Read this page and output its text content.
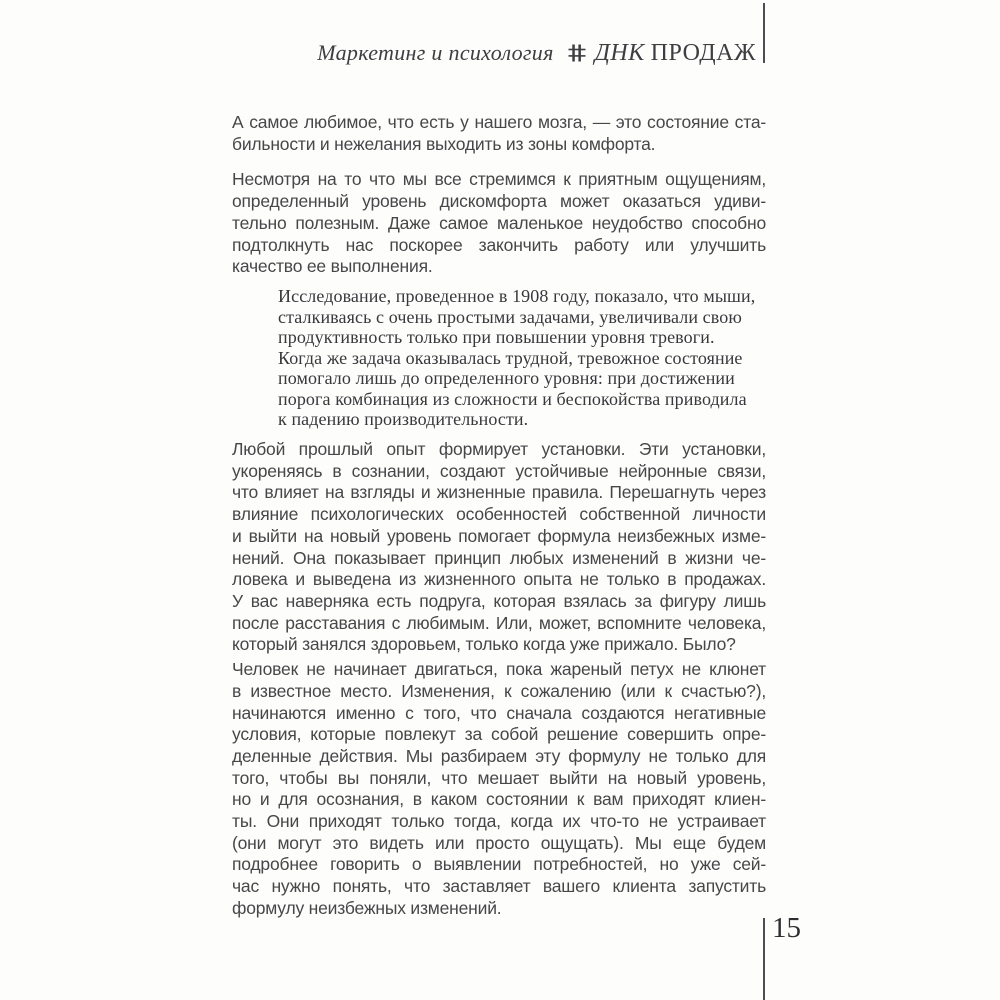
Маркетинг и психология ДНК ПРОДАЖ
А самое любимое, что есть у нашего мозга, — это состояние ста-
бильности и нежелания выходить из зоны комфорта.
Несмотря на то что мы все стремимся к приятным ощущениям,
определенный уровень дискомфорта может оказаться удиви-
тельно полезным. Даже самое маленькое неудобство способно
подтолкнуть нас поскорее закончить работу или улучшить
качество ее выполнения.
Исследование, проведенное в 1908 году, показало, что мыши,
сталкиваясь с очень простыми задачами, увеличивали свою
продуктивность только при повышении уровня тревоги.
Когда же задача оказывалась трудной, тревожное состояние
помогало лишь до определенного уровня: при достижении
порога комбинация из сложности и беспокойства приводила
к падению производительности.
Любой прошлый опыт формирует установки. Эти установки,
укореняясь в сознании, создают устойчивые нейронные связи,
что влияет на взгляды и жизненные правила. Перешагнуть через
влияние психологических особенностей собственной личности
и выйти на новый уровень помогает формула неизбежных изме-
нений. Она показывает принцип любых изменений в жизни че-
ловека и выведена из жизненного опыта не только в продажах.
У вас наверняка есть подруга, которая взялась за фигуру лишь
после расставания с любимым. Или, может, вспомните человека,
который занялся здоровьем, только когда уже прижало. Было?
Человек не начинает двигаться, пока жареный петух не клюнет
в известное место. Изменения, к сожалению (или к счастью?),
начинаются именно с того, что сначала создаются негативные
условия, которые повлекут за собой решение совершить опре-
деленные действия. Мы разбираем эту формулу не только для
того, чтобы вы поняли, что мешает выйти на новый уровень,
но и для осознания, в каком состоянии к вам приходят клиен-
ты. Они приходят только тогда, когда их что-то не устраивает
(они могут это видеть или просто ощущать). Мы еще будем
подробнее говорить о выявлении потребностей, но уже сей-
час нужно понять, что заставляет вашего клиента запустить
формулу неизбежных изменений.
15
